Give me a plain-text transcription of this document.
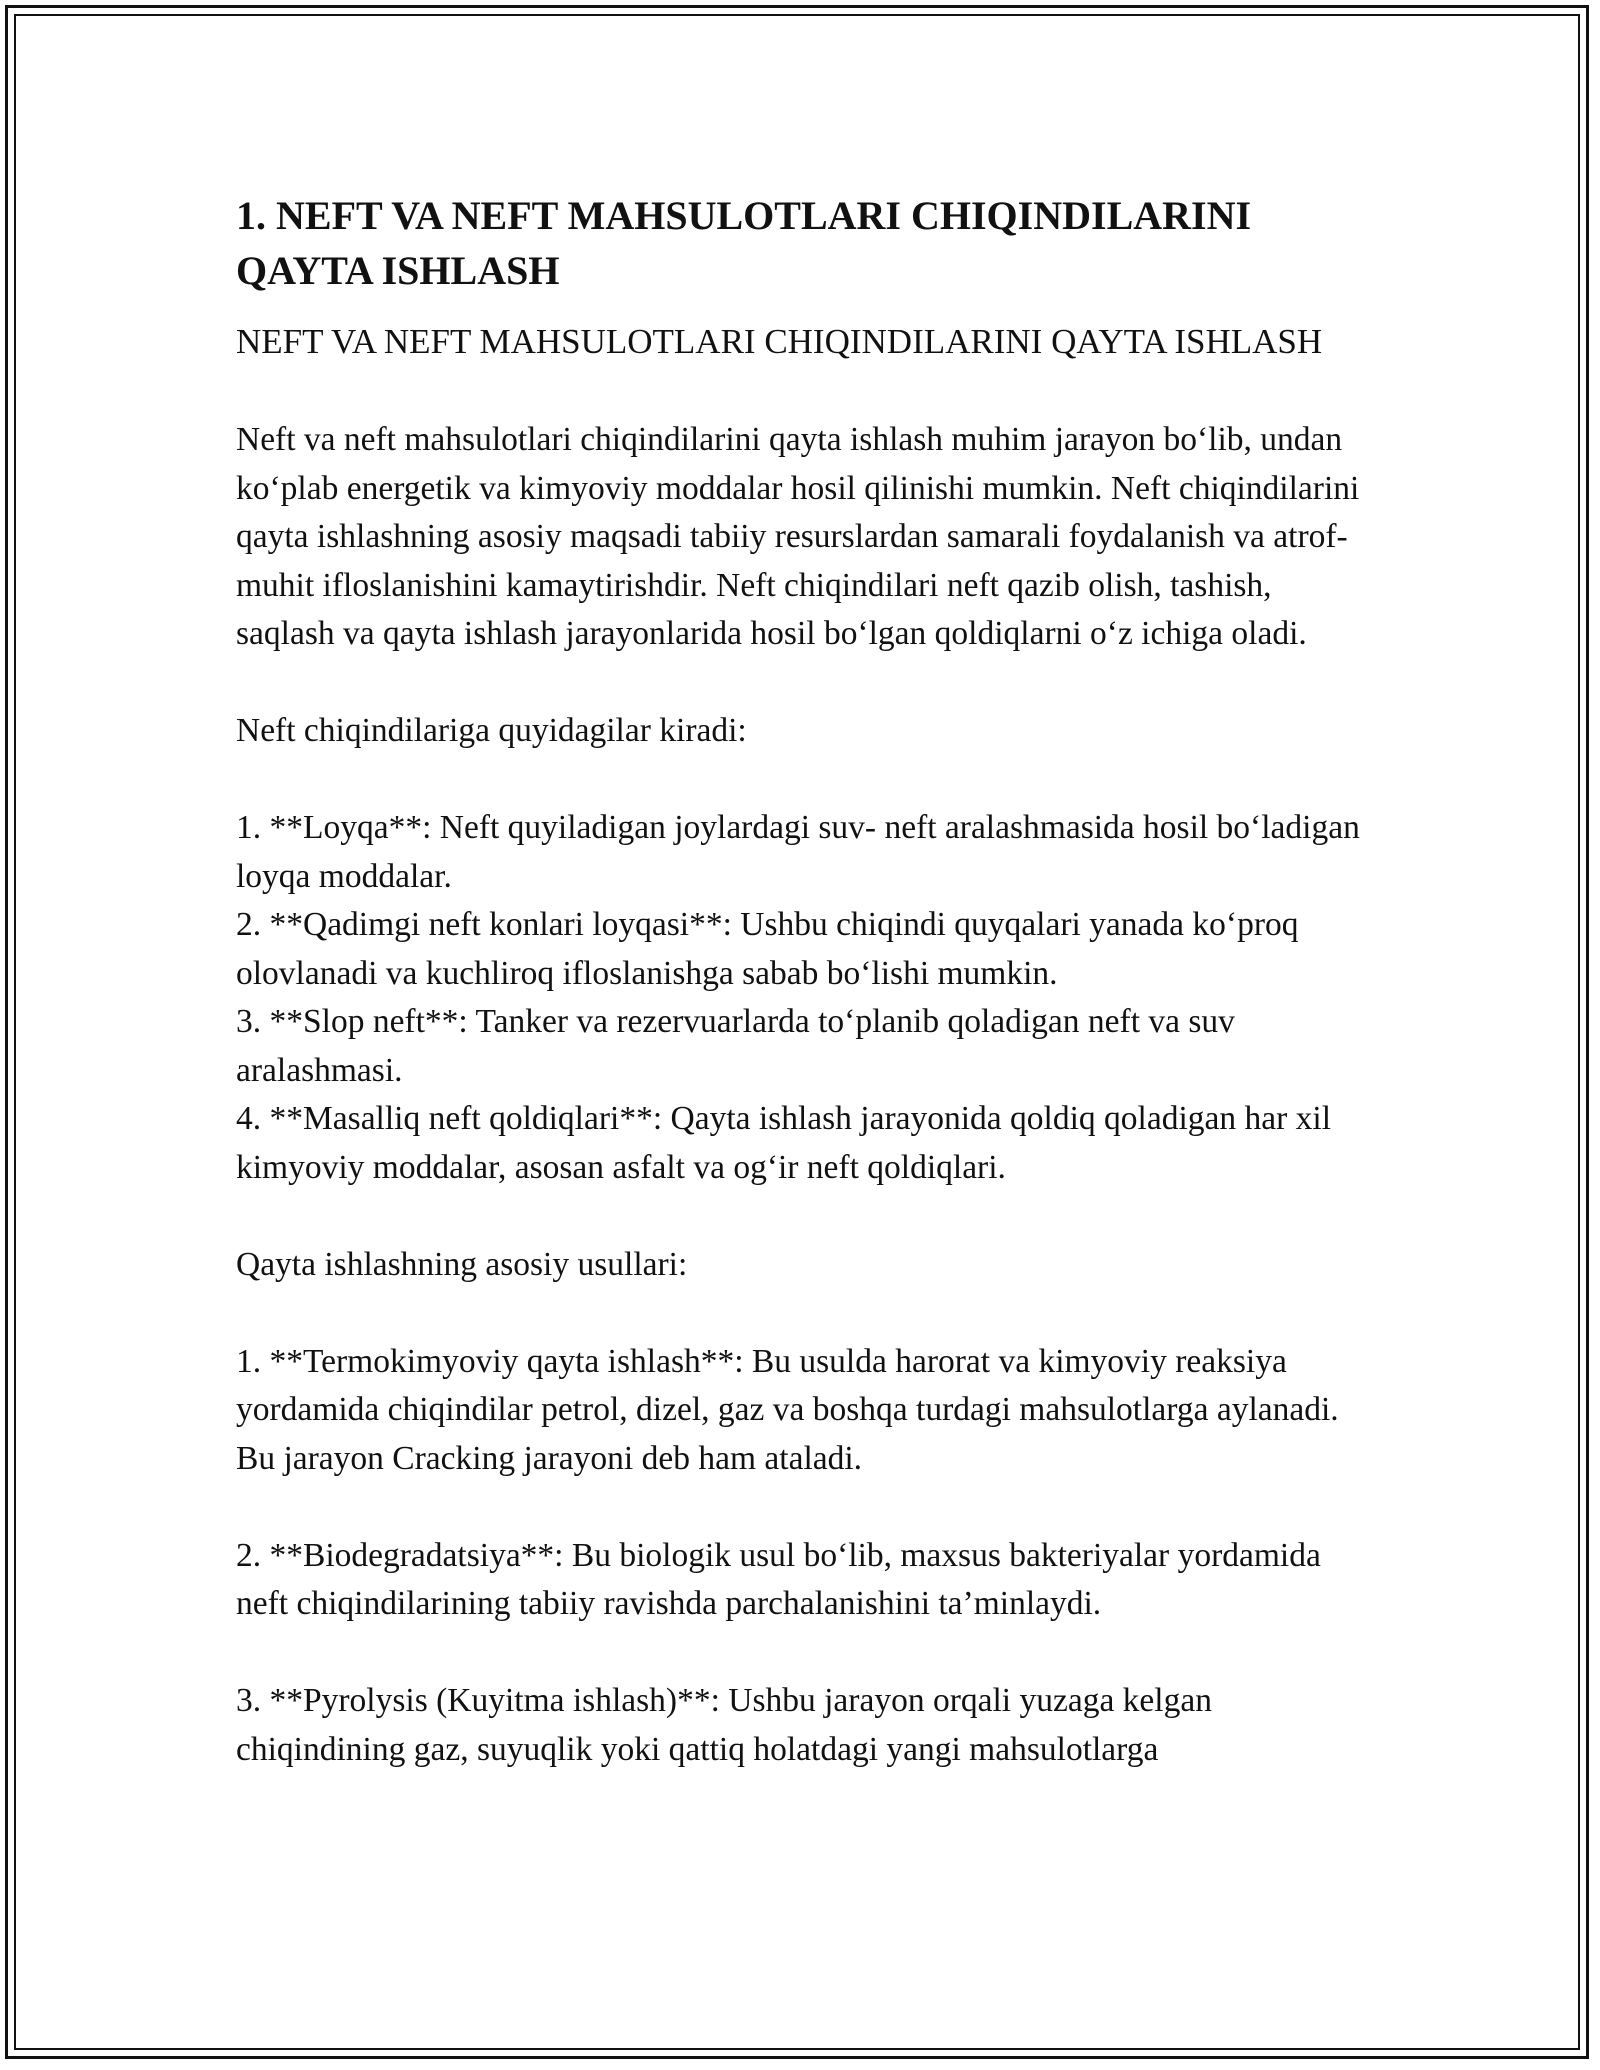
1. NEFT VA NEFT MAHSULOTLARI CHIQINDILARINI QAYTA ISHLASH
NEFT VA NEFT MAHSULOTLARI CHIQINDILARINI QAYTA ISHLASH

Neft va neft mahsulotlari chiqindilarini qayta ishlash muhim jarayon bo‘lib, undan ko‘plab energetik va kimyoviy moddalar hosil qilinishi mumkin. Neft chiqindilarini qayta ishlashning asosiy maqsadi tabiiy resurslardan samarali foydalanish va atrof-muhit ifloslanishini kamaytirishdir. Neft chiqindilari neft qazib olish, tashish, saqlash va qayta ishlash jarayonlarida hosil bo‘lgan qoldiqlarni o‘z ichiga oladi.

Neft chiqindilariga quyidagilar kiradi:

1. **Loyqa**: Neft quyiladigan joylardagi suv- neft aralashmasida hosil bo‘ladigan loyqa moddalar.
2. **Qadimgi neft konlari loyqasi**: Ushbu chiqindi quyqalari yanada ko‘proq olovlanadi va kuchliroq ifloslanishga sabab bo‘lishi mumkin.
3. **Slop neft**: Tanker va rezervuarlarda to‘planib qoladigan neft va suv aralashmasi.
4. **Masalliq neft qoldiqlari**: Qayta ishlash jarayonida qoldiq qoladigan har xil kimyoviy moddalar, asosan asfalt va og‘ir neft qoldiqlari.

Qayta ishlashning asosiy usullari:

1. **Termokimyoviy qayta ishlash**: Bu usulda harorat va kimyoviy reaksiya yordamida chiqindilar petrol, dizel, gaz va boshqa turdagi mahsulotlarga aylanadi. Bu jarayon Cracking jarayoni deb ham ataladi.
2. **Biodegradatsiya**: Bu biologik usul bo‘lib, maxsus bakteriyalar yordamida neft chiqindilarining tabiiy ravishda parchalanishini ta’minlaydi.
3. **Pyrolysis (Kuyitma ishlash)**: Ushbu jarayon orqali yuzaga kelgan chiqindining gaz, suyuqlik yoki qattiq holatdagi yangi mahsulotlarga
